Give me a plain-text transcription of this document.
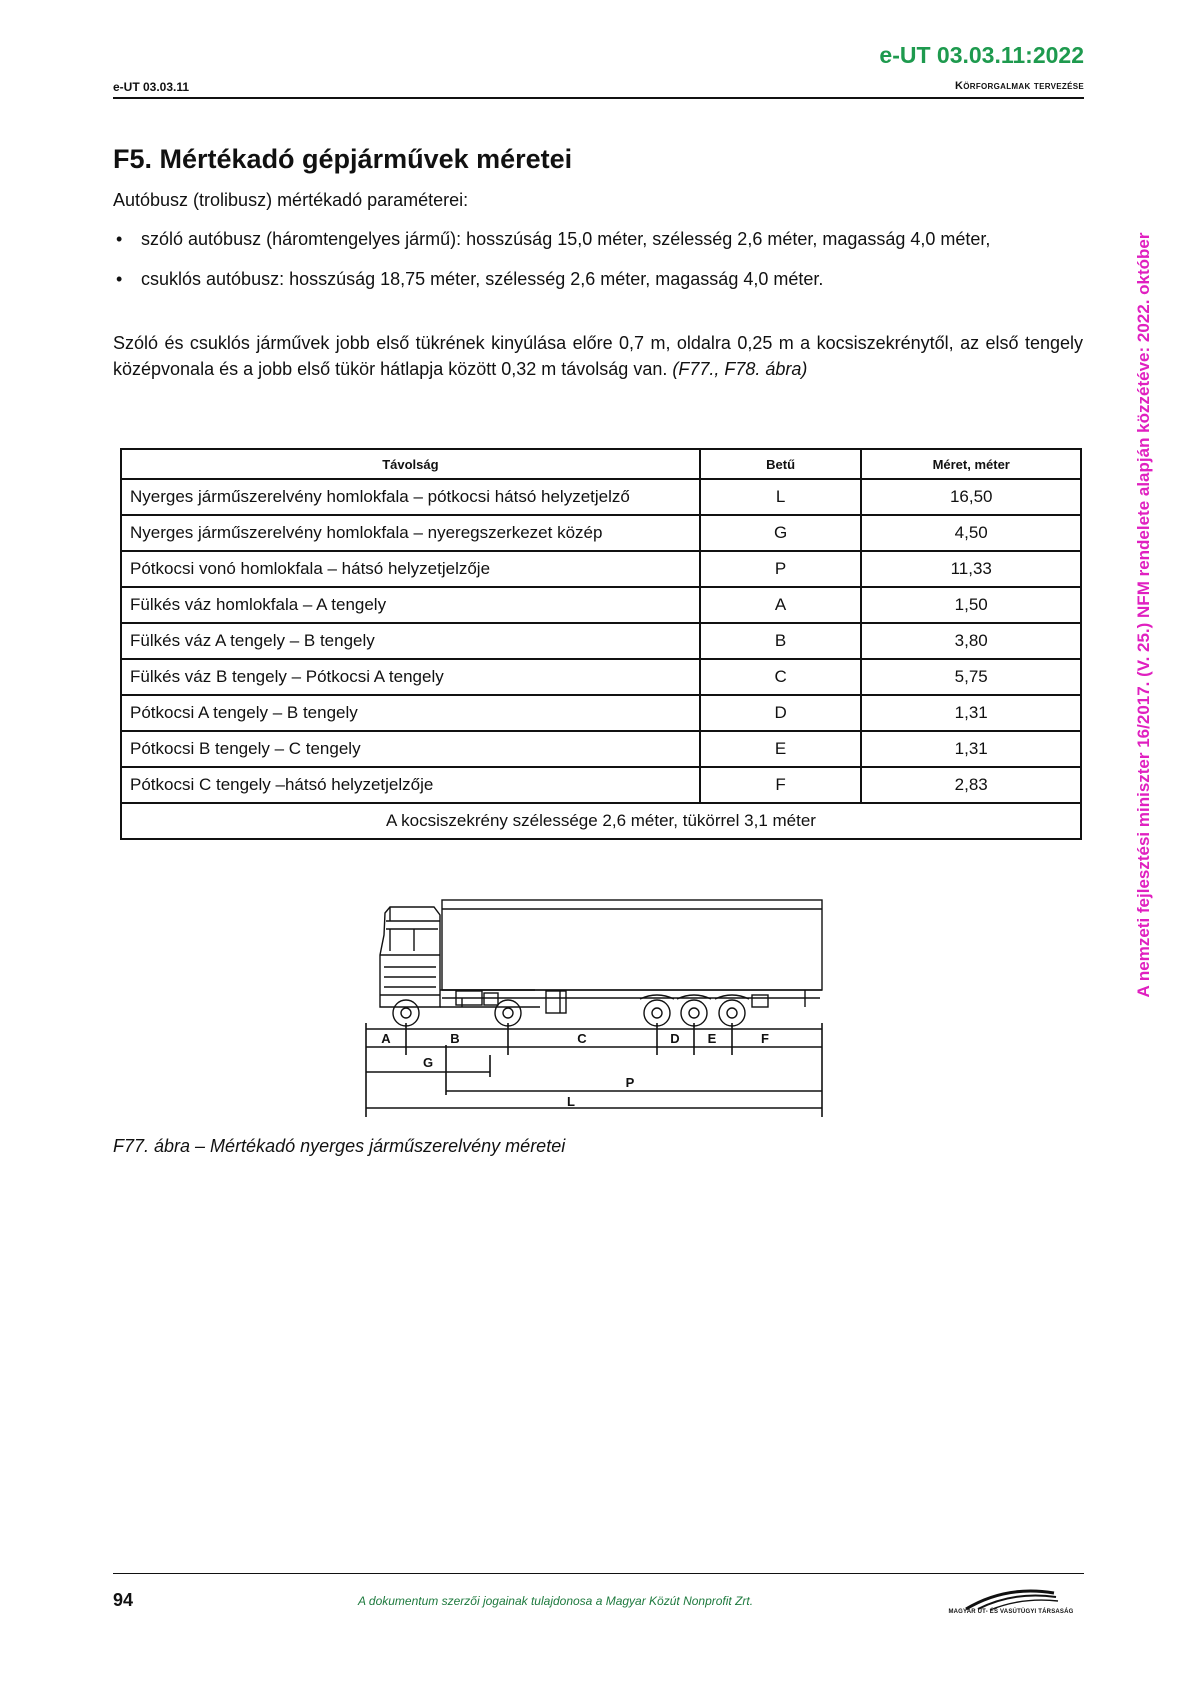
e-UT 03.03.11:2022
e-UT 03.03.11	Körforgalmak tervezése
A nemzeti fejlesztési miniszter 16/2017. (V. 25.) NFM rendelete alapján közzétéve: 2022. október
F5. Mértékadó gépjárművek méretei

Autóbusz (trolibusz) mértékadó paraméterei:

• szóló autóbusz (háromtengelyes jármű): hosszúság 15,0 méter, szélesség 2,6 méter, magasság 4,0 méter,
• csuklós autóbusz: hosszúság 18,75 méter, szélesség 2,6 méter, magasság 4,0 méter.

Szóló és csuklós járművek jobb első tükrének kinyúlása előre 0,7 m, oldalra 0,25 m a kocsiszekrénytől, az első tengely középvonala és a jobb első tükör hátlapja között 0,32 m távolság van. (F77., F78. ábra)

Távolság	Betű	Méret, méter
Nyerges járműszerelvény homlokfala – pótkocsi hátsó helyzetjelző	L	16,50
Nyerges járműszerelvény homlokfala – nyeregszerkezet közép	G	4,50
Pótkocsi vonó homlokfala – hátsó helyzetjelzője	P	11,33
Fülkés váz homlokfala – A tengely	A	1,50
Fülkés váz A tengely – B tengely	B	3,80
Fülkés váz B tengely – Pótkocsi A tengely	C	5,75
Pótkocsi A tengely – B tengely	D	1,31
Pótkocsi B tengely – C tengely	E	1,31
Pótkocsi C tengely –hátsó helyzetjelzője	F	2,83
A kocsiszekrény szélessége 2,6 méter, tükörrel 3,1 méter		
A	B	C	D E	F
G
P
L

F77. ábra – Mértékadó nyerges járműszerelvény méretei

94	A dokumentum szerzői jogainak tulajdonosa a Magyar Közút Nonprofit Zrt.
MAGYAR ÚT- ÉS VASÚTÜGYI TÁRSASÁG
